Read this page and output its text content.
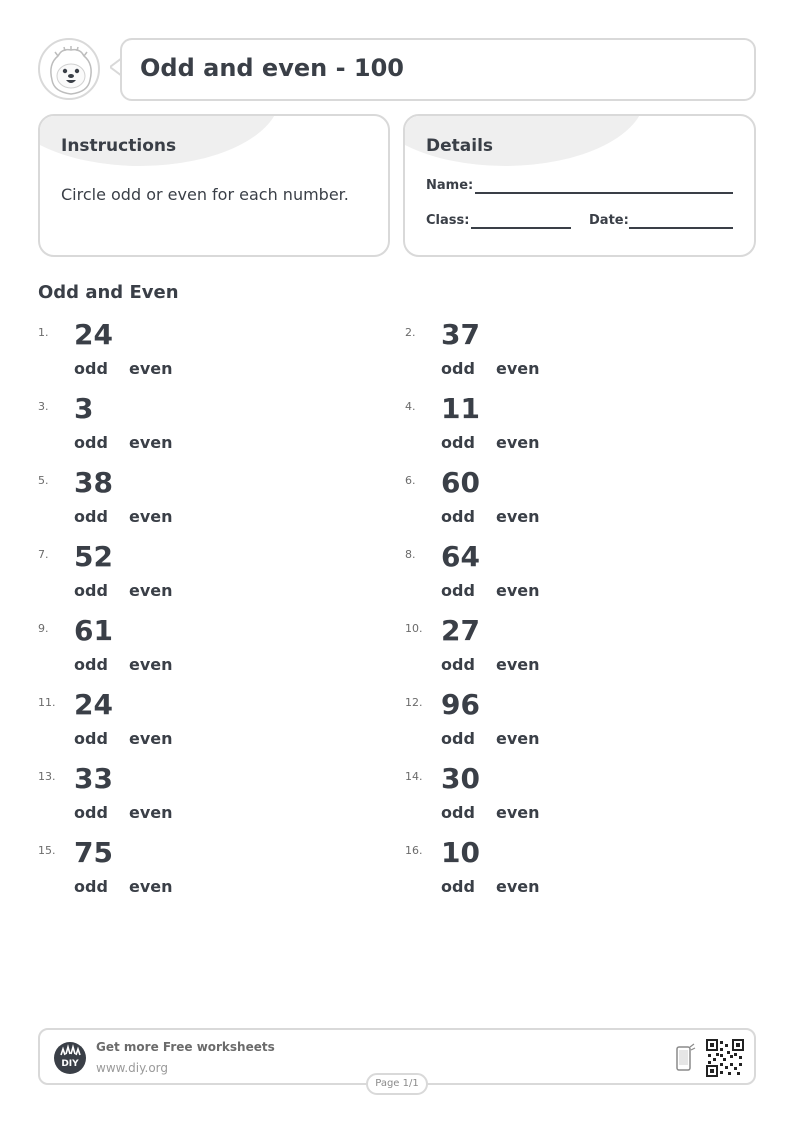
Odd and even - 100
Instructions
Circle odd or even for each number.
Details
Name:
Class:	Date:
Odd and Even
1. 24
odd even
2. 37
odd even
3. 3
odd even
4. 11
odd even
5. 38
odd even
6. 60
odd even
7. 52
odd even
8. 64
odd even
9. 61
odd even
10. 27
odd even
11. 24
odd even
12. 96
odd even
13. 33
odd even
14. 30
odd even
15. 75
odd even
16. 10
odd even
DIY
Get more Free worksheets
www.diy.org
Page 1/1
